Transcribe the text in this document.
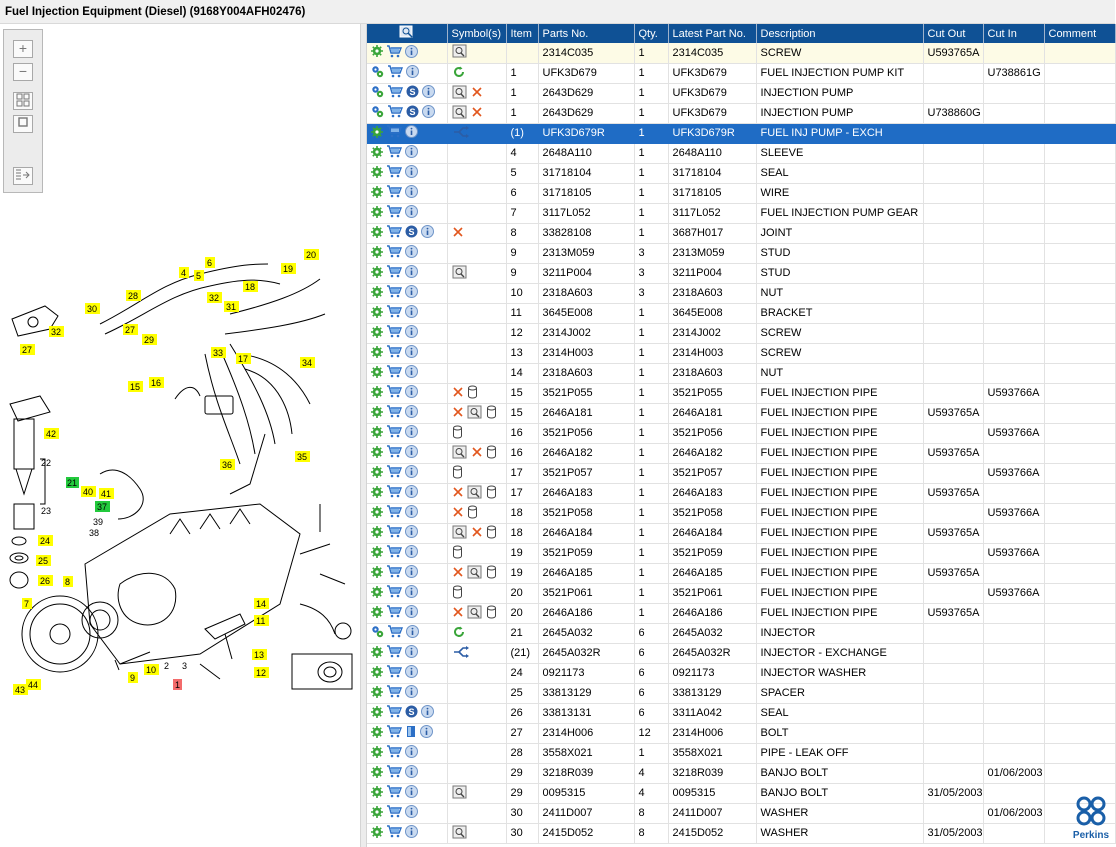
Fuel Injection Equipment (Diesel) (9168Y004AFH02476)
+
−
4 5
6
19
20
28
18
30
32
31
27
29
32
27	33
17
16
34
15
42
22	36
35
21
40 41
37
23
39
38
24
25
26 8
7	14
11
13
12
10
9
44
43
2 3
1
	Symbol(s)	Item	Parts No.	Qty.	Latest Part No.	Description	Cut Out	Cut In	Comment
			2314C035	1	2314C035	SCREW	U593765A		
		1	UFK3D679	1	UFK3D679	FUEL INJECTION PUMP KIT		U738861G	

S		1	2643D629	1	UFK3D679	INJECTION PUMP			

S		1	2643D629	1	UFK3D679	INJECTION PUMP	U738860G		
		(1)	UFK3D679R	1	UFK3D679R	FUEL INJ PUMP - EXCH			
		4	2648A110	1	2648A110	SLEEVE			
		5	31718104	1	31718104	SEAL			
		6	31718105	1	31718105	WIRE			
		7	3117L052	1	3117L052	FUEL INJECTION PUMP GEAR			

S		8	33828108	1	3687H017	JOINT			
		9	2313M059	3	2313M059	STUD			
		9	3211P004	3	3211P004	STUD			
		10	2318A603	3	2318A603	NUT			
		11	3645E008	1	3645E008	BRACKET			
		12	2314J002	1	2314J002	SCREW			
		13	2314H003	1	2314H003	SCREW			
		14	2318A603	1	2318A603	NUT			
		15	3521P055	1	3521P055	FUEL INJECTION PIPE		U593766A	
		15	2646A181	1	2646A181	FUEL INJECTION PIPE	U593765A		
		16	3521P056	1	3521P056	FUEL INJECTION PIPE		U593766A	
		16	2646A182	1	2646A182	FUEL INJECTION PIPE	U593765A		
		17	3521P057	1	3521P057	FUEL INJECTION PIPE		U593766A	
		17	2646A183	1	2646A183	FUEL INJECTION PIPE	U593765A		
		18	3521P058	1	3521P058	FUEL INJECTION PIPE		U593766A	
		18	2646A184	1	2646A184	FUEL INJECTION PIPE	U593765A		
		19	3521P059	1	3521P059	FUEL INJECTION PIPE		U593766A	
		19	2646A185	1	2646A185	FUEL INJECTION PIPE	U593765A		
		20	3521P061	1	3521P061	FUEL INJECTION PIPE		U593766A	
		20	2646A186	1	2646A186	FUEL INJECTION PIPE	U593765A		
		21	2645A032	6	2645A032	INJECTOR			
		(21)	2645A032R	6	2645A032R	INJECTOR - EXCHANGE			
		24	0921173	6	0921173	INJECTOR WASHER			
		25	33813129	6	33813129	SPACER			

S		26	33813131	6	3311A042	SEAL			
		27	2314H006	12	2314H006	BOLT			
		28	3558X021	1	3558X021	PIPE - LEAK OFF			
		29	3218R039	4	3218R039	BANJO BOLT		01/06/2003	
		29	0095315	4	0095315	BANJO BOLT	31/05/2003		
		30	2411D007	8	2411D007	WASHER		01/06/2003	
		30	2415D052	8	2415D052	WASHER	31/05/2003			Perkins
